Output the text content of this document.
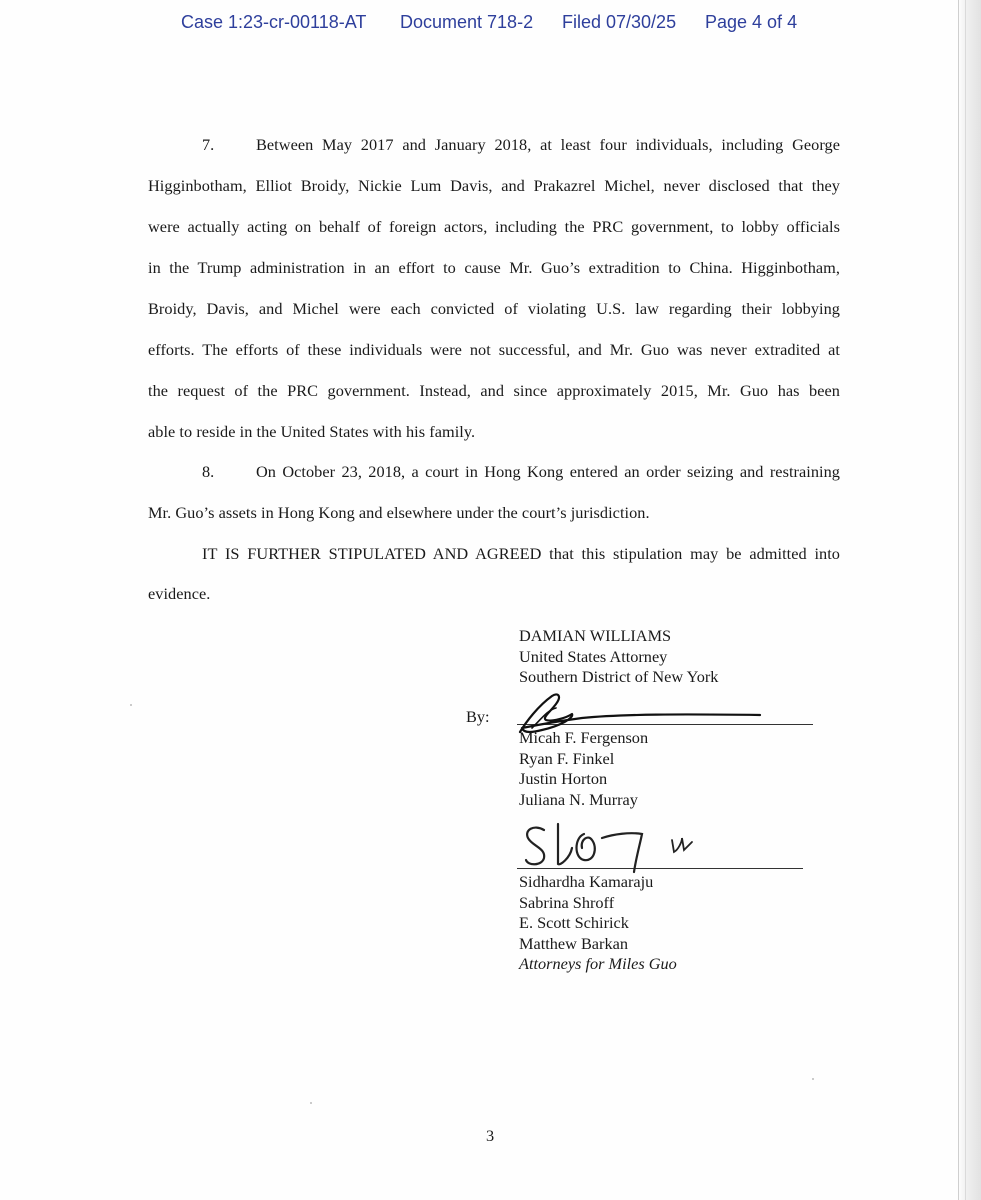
Case 1:23-cr-00118-AT Document 718-2 Filed 07/30/25 Page 4 of 4
7.	Between May 2017 and January 2018, at least four individuals, including George
Higginbotham, Elliot Broidy, Nickie Lum Davis, and Prakazrel Michel, never disclosed that they
were actually acting on behalf of foreign actors, including the PRC government, to lobby officials
in the Trump administration in an effort to cause Mr. Guo’s extradition to China. Higginbotham,
Broidy, Davis, and Michel were each convicted of violating U.S. law regarding their lobbying
efforts. The efforts of these individuals were not successful, and Mr. Guo was never extradited at
the request of the PRC government. Instead, and since approximately 2015, Mr. Guo has been
able to reside in the United States with his family.
8.	On October 23, 2018, a court in Hong Kong entered an order seizing and restraining
Mr. Guo’s assets in Hong Kong and elsewhere under the court’s jurisdiction.
IT IS FURTHER STIPULATED AND AGREED that this stipulation may be admitted into
evidence.
DAMIAN WILLIAMS
United States Attorney
Southern District of New York
By:
Micah F. Fergenson
Ryan F. Finkel
Justin Horton
Juliana N. Murray
Sidhardha Kamaraju
Sabrina Shroff
E. Scott Schirick
Matthew Barkan
Attorneys for Miles Guo
3
